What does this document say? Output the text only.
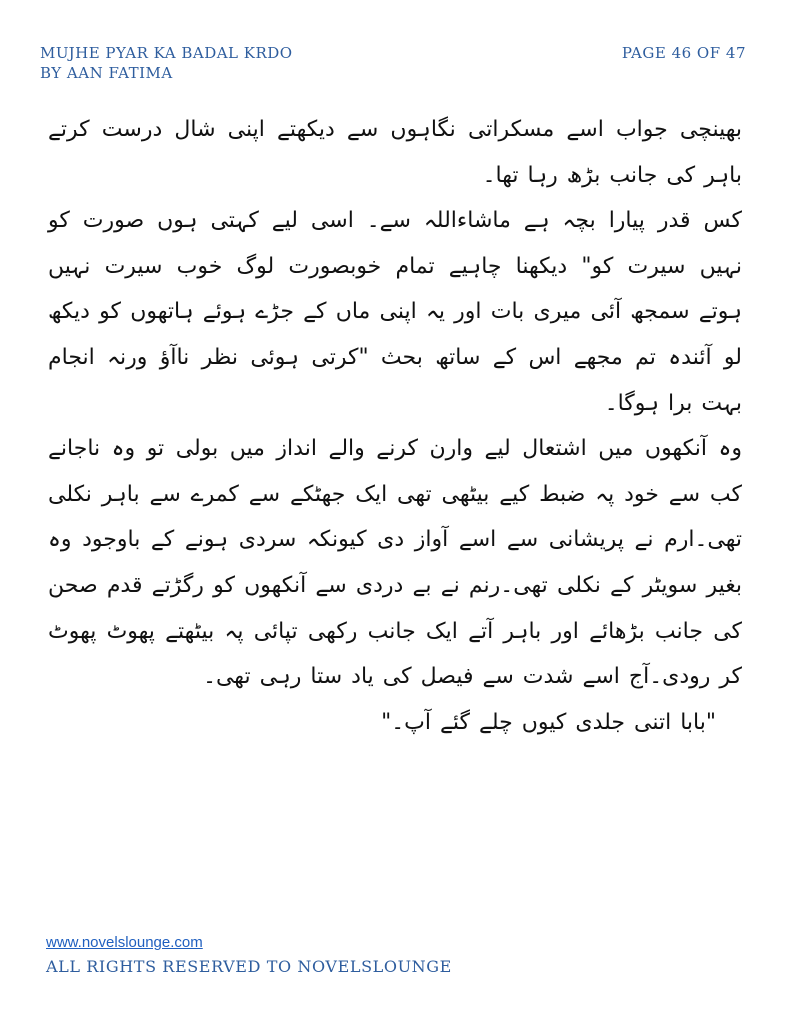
MUJHE PYAR KA BADAL KRDO
BY AAN FATIMA
PAGE 46 OF 47

بھینچی جواب اسے مسکراتی نگاہوں سے دیکھتے اپنی شال درست کرتے باہر کی جانب بڑھ رہا تھا۔

کس قدر پیارا بچہ ہے ماشاءاللہ سے۔ اسی لیے کہتی ہوں صورت کو نہیں سیرت کو" دیکھنا چاہیے تمام خوبصورت لوگ خوب سیرت نہیں ہوتے سمجھ آئی میری بات اور یہ اپنی ماں کے جڑے ہوئے ہاتھوں کو دیکھ لو آئندہ تم مجھے اس کے ساتھ بحث "کرتی ہوئی نظر ناآؤ ورنہ انجام بہت برا ہوگا۔

وہ آنکھوں میں اشتعال لیے وارن کرنے والے انداز میں بولی تو وہ ناجانے کب سے خود پہ ضبط کیے بیٹھی تھی ایک جھٹکے سے کمرے سے باہر نکلی تھی۔ارم نے پریشانی سے اسے آواز دی کیونکہ سردی ہونے کے باوجود وہ بغیر سویٹر کے نکلی تھی۔رنم نے بے دردی سے آنکھوں کو رگڑتے قدم صحن کی جانب بڑھائے اور باہر آتے ایک جانب رکھی تپائی پہ بیٹھتے پھوٹ پھوٹ کر رودی۔آج اسے شدت سے فیصل کی یاد ستا رہی تھی۔

"بابا اتنی جلدی کیوں چلے گئے آپ۔"

www.novelslounge.com
ALL RIGHTS RESERVED TO NOVELSLOUNGE
